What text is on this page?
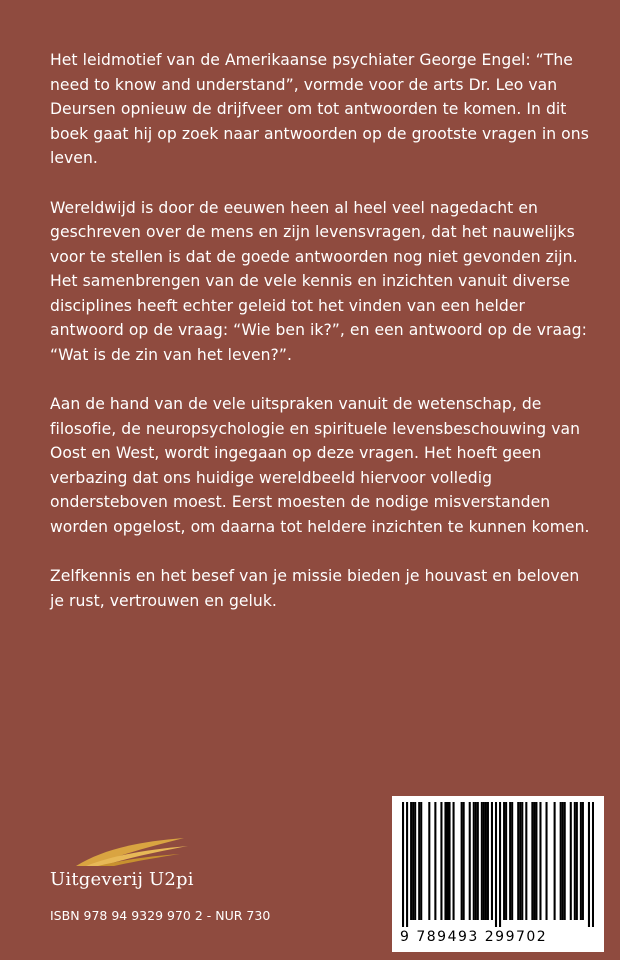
Het leidmotief van de Amerikaanse psychiater George Engel: “The need to know and understand”, vormde voor de arts Dr. Leo van Deursen opnieuw de drijfveer om tot antwoorden te komen. In dit boek gaat hij op zoek naar antwoorden op de grootste vragen in ons leven.

Wereldwijd is door de eeuwen heen al heel veel nagedacht en geschreven over de mens en zijn levensvragen, dat het nauwelijks voor te stellen is dat de goede antwoorden nog niet gevonden zijn. Het samenbrengen van de vele kennis en inzichten vanuit diverse disciplines heeft echter geleid tot het vinden van een helder antwoord op de vraag: “Wie ben ik?”, en een antwoord op de vraag: “Wat is de zin van het leven?”.

Aan de hand van de vele uitspraken vanuit de wetenschap, de filosofie, de neuropsychologie en spirituele levensbeschouwing van Oost en West, wordt ingegaan op deze vragen. Het hoeft geen verbazing dat ons huidige wereldbeeld hiervoor volledig ondersteboven moest. Eerst moesten de nodige misverstanden worden opgelost, om daarna tot heldere inzichten te kunnen komen.

Zelfkennis en het besef van je missie bieden je houvast en beloven je rust, vertrouwen en geluk.

Uitgeverij U2pi
ISBN 978 94 9329 970 2 - NUR 730
9 789493 299702
